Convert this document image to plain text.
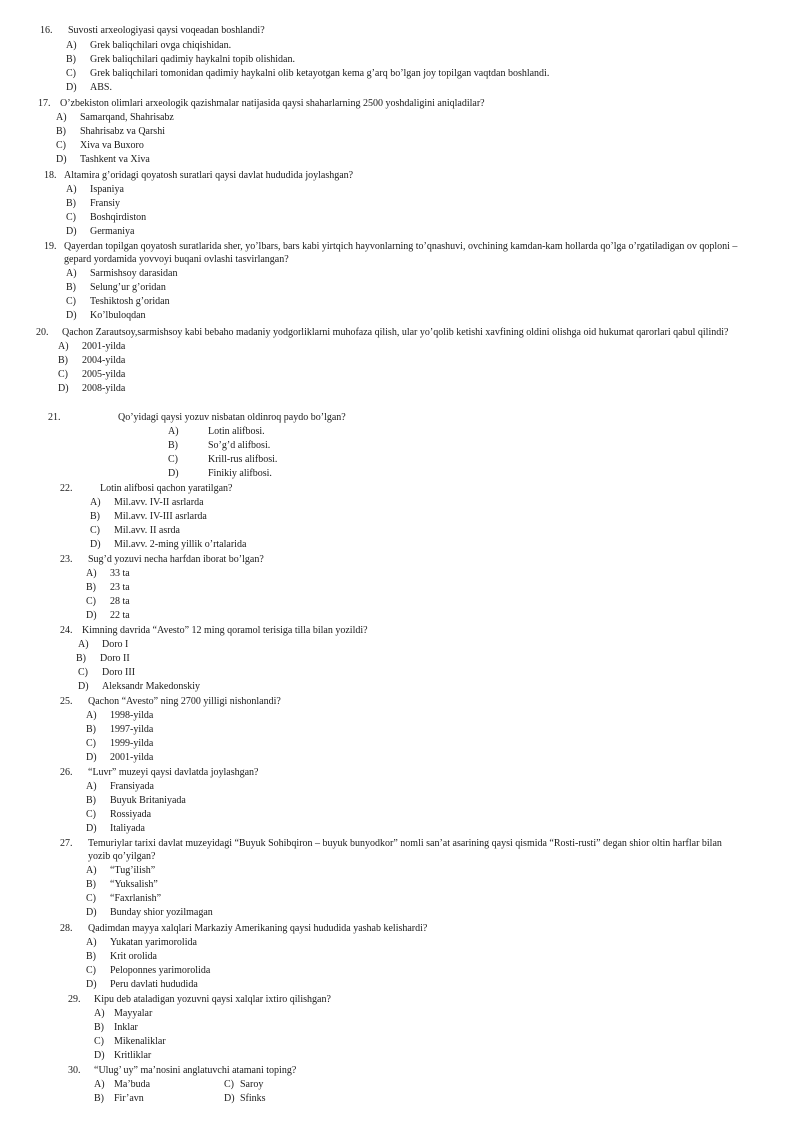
16.	Suvosti arxeologiyasi qaysi voqeadan boshlandi?
A)	Grek baliqchilari ovga chiqishidan.
B)	Grek baliqchilari qadimiy haykalni topib olishidan.
C)	Grek baliqchilari tomonidan qadimiy haykalni olib ketayotgan kema g’arq bo’lgan joy topilgan vaqtdan boshlandi.
D)	ABS.
17. O’zbekiston olimlari arxeologik qazishmalar natijasida qaysi shaharlarning 2500 yoshdaligini aniqladilar?
A)	Samarqand, Shahrisabz
B)	Shahrisabz va Qarshi
C)	Xiva va Buxoro
D)	Tashkent va Xiva
18. Altamira g’oridagi qoyatosh suratlari qaysi davlat hududida joylashgan?
A)	Ispaniya
B)	Fransiy
C)	Boshqirdiston
D)	Germaniya
19. Qayerdan topilgan qoyatosh suratlarida sher, yo’lbars, bars kabi yirtqich hayvonlarning to’qnashuvi, ovchining kamdan-kam hollarda qo’lga o’rgatiladigan ov qoploni – gepard yordamida yovvoyi buqani ovlashi tasvirlangan?
A)	Sarmishsoy darasidan
B)	Selung’ur g’oridan
C)	Teshiktosh g’oridan
D)	Ko’lbuloqdan
20.	Qachon Zarautsoy,sarmishsoy kabi bebaho madaniy yodgorliklarni muhofaza qilish, ular yo’qolib ketishi xavfining oldini olishga oid hukumat qarorlari qabul qilindi?
A)	2001-yilda
B)	2004-yilda
C)	2005-yilda
D)	2008-yilda
21.	Qo’yidagi qaysi yozuv nisbatan oldinroq paydo bo’lgan?
A)	Lotin alifbosi.
B)	So’g’d alifbosi.
C)	Krill-rus alifbosi.
D)	Finikiy alifbosi.
22.	Lotin alifbosi qachon yaratilgan?
A)	Mil.avv. IV-II asrlarda
B)	Mil.avv. IV-III asrlarda
C)	Mil.avv. II asrda
D)	Mil.avv. 2-ming yillik o’rtalarida
23.	Sug’d yozuvi necha harfdan iborat bo’lgan?
A)	33 ta
B)	23 ta
C)	28 ta
D)	22 ta
24. Kimning davrida “Avesto” 12 ming qoramol terisiga tilla bilan yozildi?
A)	Doro I
B)	Doro II
C)	Doro III
D)	Aleksandr Makedonskiy
25.	Qachon “Avesto” ning 2700 yilligi nishonlandi?
A)	1998-yilda
B)	1997-yilda
C)	1999-yilda
D)	2001-yilda
26.	“Luvr” muzeyi qaysi davlatda joylashgan?
A)	Fransiyada
B)	Buyuk Britaniyada
C)	Rossiyada
D)	Italiyada
27.	Temuriylar tarixi davlat muzeyidagi “Buyuk Sohibqiron – buyuk bunyodkor” nomli san’at asarining qaysi qismida “Rosti-rusti” degan shior oltin harflar bilan yozib qo’yilgan?
A)	“Tug’ilish”
B)	“Yuksalish”
C)	“Faxrlanish”
D)	Bunday shior yozilmagan
28.	Qadimdan mayya xalqlari Markaziy Amerikaning qaysi hududida yashab kelishardi?
A)	Yukatan yarimorolida
B)	Krit orolida
C)	Peloponnes yarimorolida
D)	Peru davlati hududida
29.	Kipu deb ataladigan yozuvni qaysi xalqlar ixtiro qilishgan?
A) Mayyalar
B)	Inklar
C)	Mikenaliklar
D) Kritliklar
30.	“Ulug’ uy” ma’nosini anglatuvchi atamani toping?
A) Ma’buda	C) Saroy
B)	Fir’avn	D) Sfinks
